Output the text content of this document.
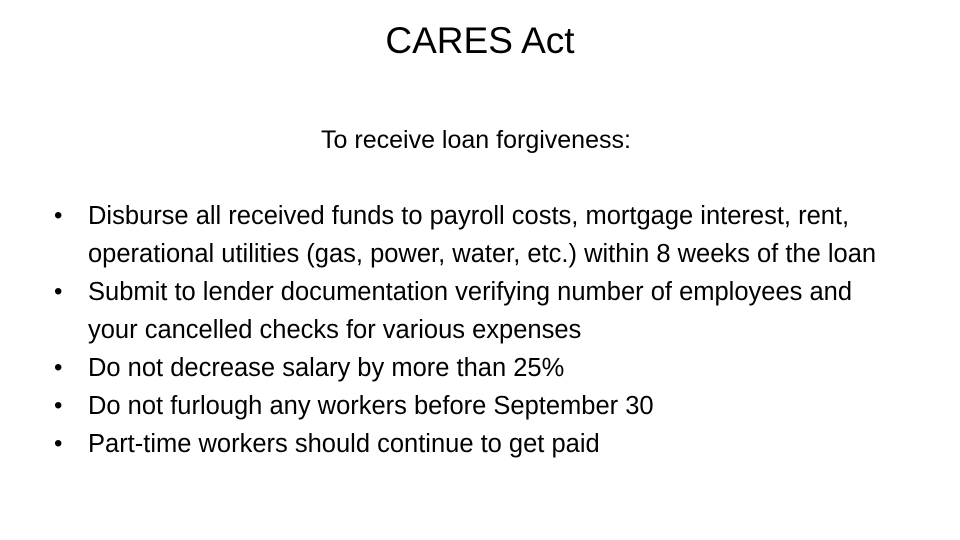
CARES Act

To receive loan forgiveness:

• Disburse all received funds to payroll costs, mortgage interest, rent, operational utilities (gas, power, water, etc.) within 8 weeks of the loan
• Submit to lender documentation verifying number of employees and your cancelled checks for various expenses
• Do not decrease salary by more than 25%
• Do not furlough any workers before September 30
• Part-time workers should continue to get paid
